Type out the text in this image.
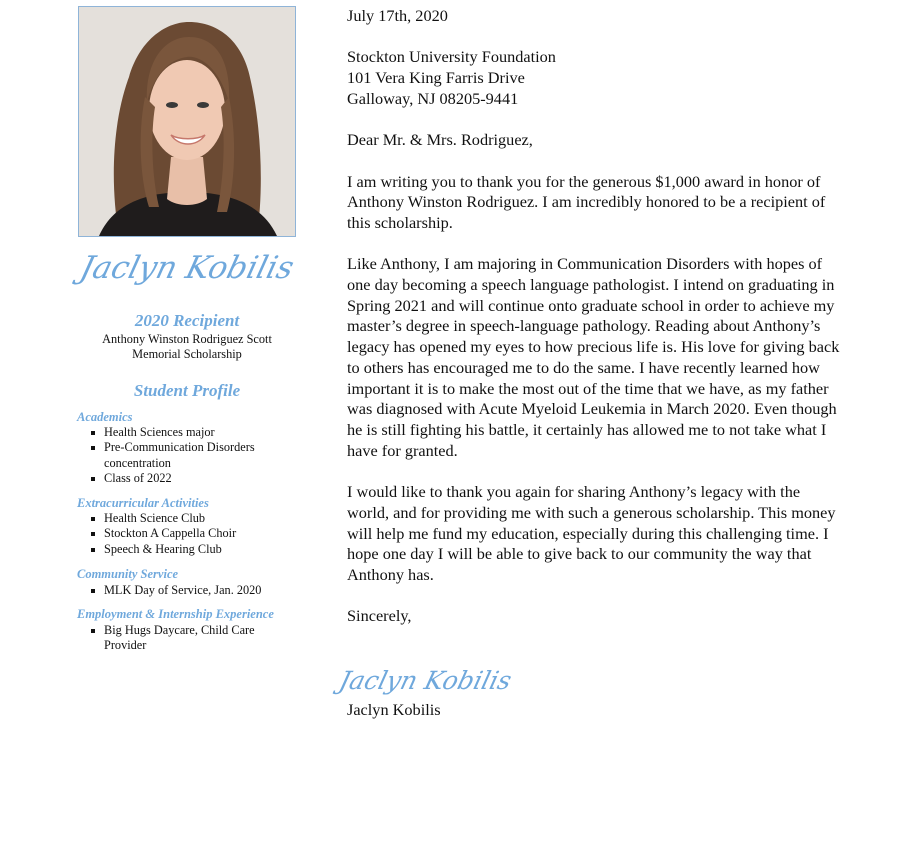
Jaclyn Kobilis
2020 Recipient
Anthony Winston Rodriguez Scott
Memorial Scholarship
Student Profile
Academics
Health Sciences major
Pre-Communication Disorders concentration
Class of 2022
Extracurricular Activities
Health Science Club
Stockton A Cappella Choir
Speech & Hearing Club
Community Service
MLK Day of Service, Jan. 2020
Employment & Internship Experience
Big Hugs Daycare, Child Care Provider

July 17th, 2020

Stockton University Foundation

101 Vera King Farris Drive

Galloway, NJ 08205-9441

Dear Mr. & Mrs. Rodriguez,

I am writing you to thank you for the generous $1,000 award in honor of Anthony Winston Rodriguez. I am incredibly honored to be a recipient of this scholarship.

Like Anthony, I am majoring in Communication Disorders with hopes of one day becoming a speech language pathologist. I intend on graduating in Spring 2021 and will continue onto graduate school in order to achieve my master’s degree in speech-language pathology. Reading about Anthony’s legacy has opened my eyes to how precious life is. His love for giving back to others has encouraged me to do the same. I have recently learned how important it is to make the most out of the time that we have, as my father was diagnosed with Acute Myeloid Leukemia in March 2020. Even though he is still fighting his battle, it certainly has allowed me to not take what I have for granted.

I would like to thank you again for sharing Anthony’s legacy with the world, and for providing me with such a generous scholarship. This money will help me fund my education, especially during this challenging time. I hope one day I will be able to give back to our community the way that Anthony has.

Sincerely,

Jaclyn Kobilis
Jaclyn Kobilis
